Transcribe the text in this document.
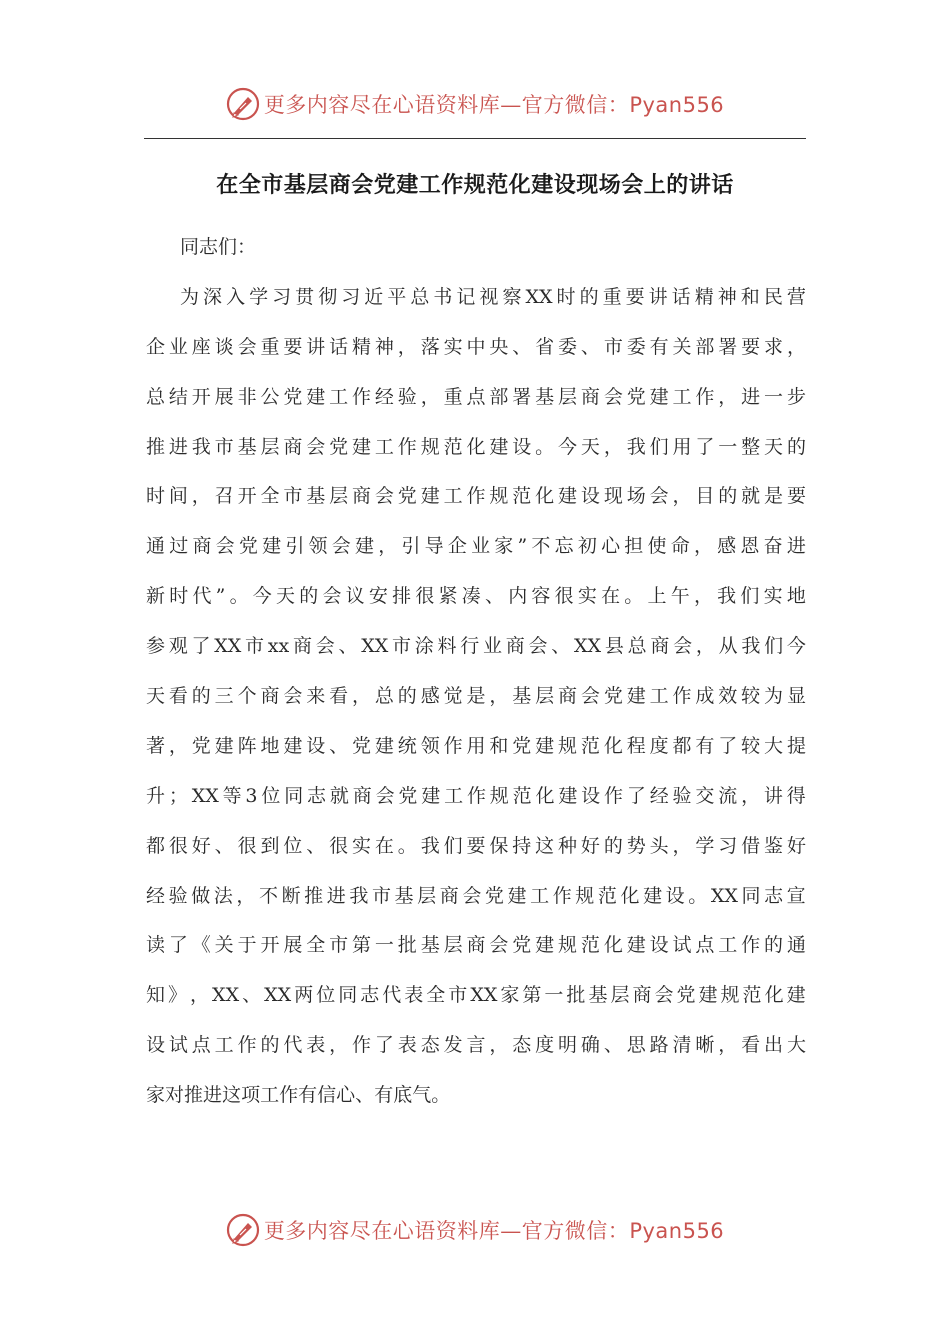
更多内容尽在心语资料库—官方微信：Pyan556
在全市基层商会党建工作规范化建设现场会上的讲话
同志们：
为 深 入 学 习 贯 彻 习 近 平 总 书 记 视 察 XX 时 的 重 要 讲 话 精 神 和 民 营
企 业 座 谈 会 重 要 讲 话 精 神 ， 落 实 中 央 、 省 委 、 市 委 有 关 部 署 要 求 ，
总 结 开 展 非 公 党 建 工 作 经 验 ， 重 点 部 署 基 层 商 会 党 建 工 作 ， 进 一 步
推 进 我 市 基 层 商 会 党 建 工 作 规 范 化 建 设 。 今 天 ， 我 们 用 了 一 整 天 的
时 间 ， 召 开 全 市 基 层 商 会 党 建 工 作 规 范 化 建 设 现 场 会 ， 目 的 就 是 要
通 过 商 会 党 建 引 领 会 建 ， 引 导 企 业 家 ” 不 忘 初 心 担 使 命 ， 感 恩 奋 进
新 时 代 ” 。 今 天 的 会 议 安 排 很 紧 凑 、 内 容 很 实 在 。 上 午 ， 我 们 实 地
参 观 了 XX 市 xx 商 会 、 XX 市 涂 料 行 业 商 会 、 XX 县 总 商 会 ， 从 我 们 今
天 看 的 三 个 商 会 来 看 ， 总 的 感 觉 是 ， 基 层 商 会 党 建 工 作 成 效 较 为 显
著 ， 党 建 阵 地 建 设 、 党 建 统 领 作 用 和 党 建 规 范 化 程 度 都 有 了 较 大 提
升 ； XX 等 3 位 同 志 就 商 会 党 建 工 作 规 范 化 建 设 作 了 经 验 交 流 ， 讲 得
都 很 好 、 很 到 位 、 很 实 在 。 我 们 要 保 持 这 种 好 的 势 头 ， 学 习 借 鉴 好
经 验 做 法 ， 不 断 推 进 我 市 基 层 商 会 党 建 工 作 规 范 化 建 设 。 XX 同 志 宣
读 了 《 关 于 开 展 全 市 第 一 批 基 层 商 会 党 建 规 范 化 建 设 试 点 工 作 的 通
知 》 ， XX 、 XX 两 位 同 志 代 表 全 市 XX 家 第 一 批 基 层 商 会 党 建 规 范 化 建
设 试 点 工 作 的 代 表 ， 作 了 表 态 发 言 ， 态 度 明 确 、 思 路 清 晰 ， 看 出 大
家 对 推 进 这 项 工 作 有 信 心 、 有 底 气 。
更多内容尽在心语资料库—官方微信：Pyan556
